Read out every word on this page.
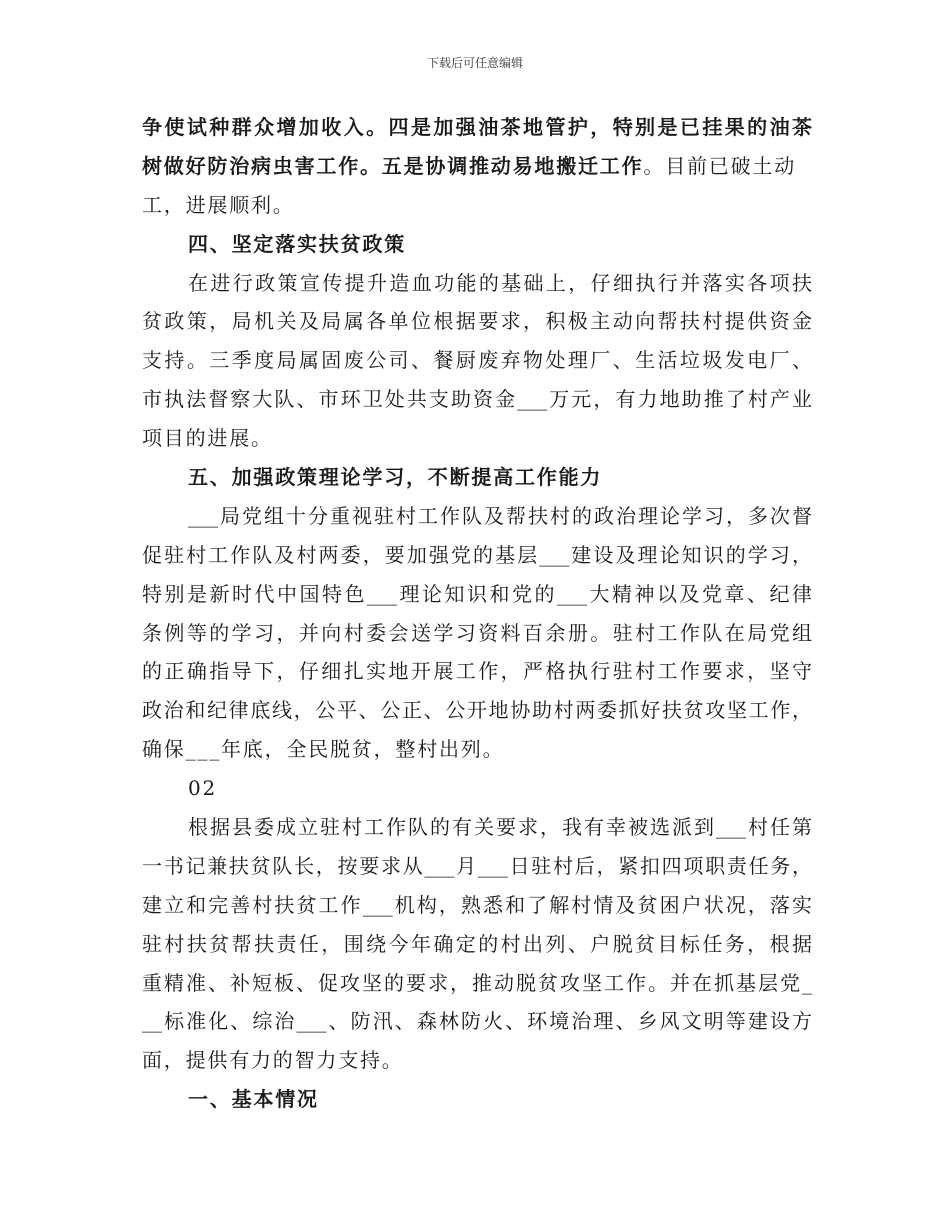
下载后可任意编辑
争使试种群众增加收入。四是加强油茶地管护，特别是已挂果的油茶
树做好防治病虫害工作。五是协调推动易地搬迁工作。目前已破土动
工，进展顺利。
四、坚定落实扶贫政策
在进行政策宣传提升造血功能的基础上，仔细执行并落实各项扶
贫政策，局机关及局属各单位根据要求，积极主动向帮扶村提供资金
支持。三季度局属固废公司、餐厨废弃物处理厂、生活垃圾发电厂、
市执法督察大队、市环卫处共支助资金___万元，有力地助推了村产业
项目的进展。
五、加强政策理论学习，不断提高工作能力
___局党组十分重视驻村工作队及帮扶村的政治理论学习，多次督
促驻村工作队及村两委，要加强党的基层___建设及理论知识的学习，
特别是新时代中国特色___理论知识和党的___大精神以及党章、纪律
条例等的学习，并向村委会送学习资料百余册。驻村工作队在局党组
的正确指导下，仔细扎实地开展工作，严格执行驻村工作要求，坚守
政治和纪律底线，公平、公正、公开地协助村两委抓好扶贫攻坚工作，
确保___年底，全民脱贫，整村出列。
02
根据县委成立驻村工作队的有关要求，我有幸被选派到___村任第
一书记兼扶贫队长，按要求从___月___日驻村后，紧扣四项职责任务，
建立和完善村扶贫工作___机构，熟悉和了解村情及贫困户状况，落实
驻村扶贫帮扶责任，围绕今年确定的村出列、户脱贫目标任务，根据
重精准、补短板、促攻坚的要求，推动脱贫攻坚工作。并在抓基层党_
__标准化、综治___、防汛、森林防火、环境治理、乡风文明等建设方
面，提供有力的智力支持。
一、基本情况
